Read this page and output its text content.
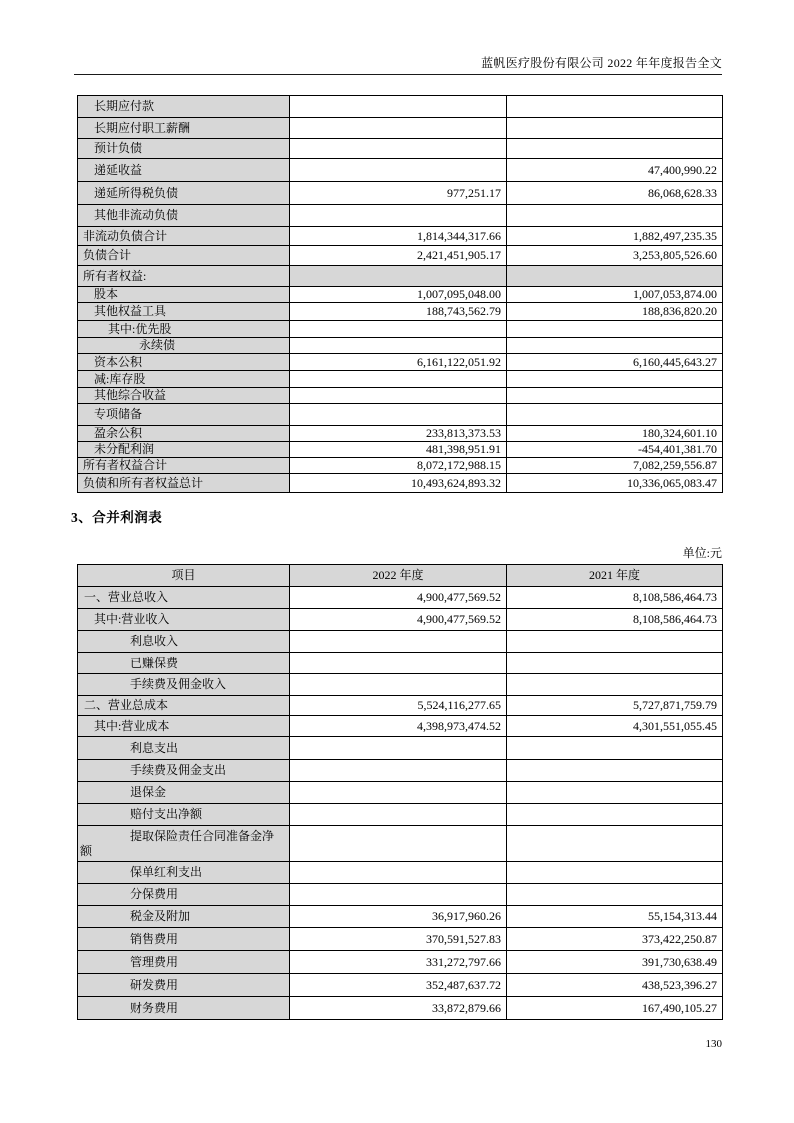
蓝帆医疗股份有限公司 2022 年年度报告全文
长期应付款		
长期应付职工薪酬		
预计负债		
递延收益		47,400,990.22
递延所得税负债	977,251.17	86,068,628.33
其他非流动负债		
非流动负债合计	1,814,344,317.66	1,882,497,235.35
负债合计	2,421,451,905.17	3,253,805,526.60
所有者权益:		
股本	1,007,095,048.00	1,007,053,874.00
其他权益工具	188,743,562.79	188,836,820.20
其中:优先股		
永续债		
资本公积	6,161,122,051.92	6,160,445,643.27
减:库存股		
其他综合收益		
专项储备		
盈余公积	233,813,373.53	180,324,601.10
未分配利润	481,398,951.91	-454,401,381.70
所有者权益合计	8,072,172,988.15	7,082,259,556.87
负债和所有者权益总计	10,493,624,893.32	10,336,065,083.47
3、合并利润表
单位:元
项目	2022 年度	2021 年度
一、营业总收入	4,900,477,569.52	8,108,586,464.73
其中:营业收入	4,900,477,569.52	8,108,586,464.73
利息收入		
已赚保费		
手续费及佣金收入		
二、营业总成本	5,524,116,277.65	5,727,871,759.79
其中:营业成本	4,398,973,474.52	4,301,551,055.45
利息支出		
手续费及佣金支出		
退保金		
赔付支出净额		
提取保险责任合同准备金净
额		
保单红利支出		
分保费用		
税金及附加	36,917,960.26	55,154,313.44
销售费用	370,591,527.83	373,422,250.87
管理费用	331,272,797.66	391,730,638.49
研发费用	352,487,637.72	438,523,396.27
财务费用	33,872,879.66	167,490,105.27
130
